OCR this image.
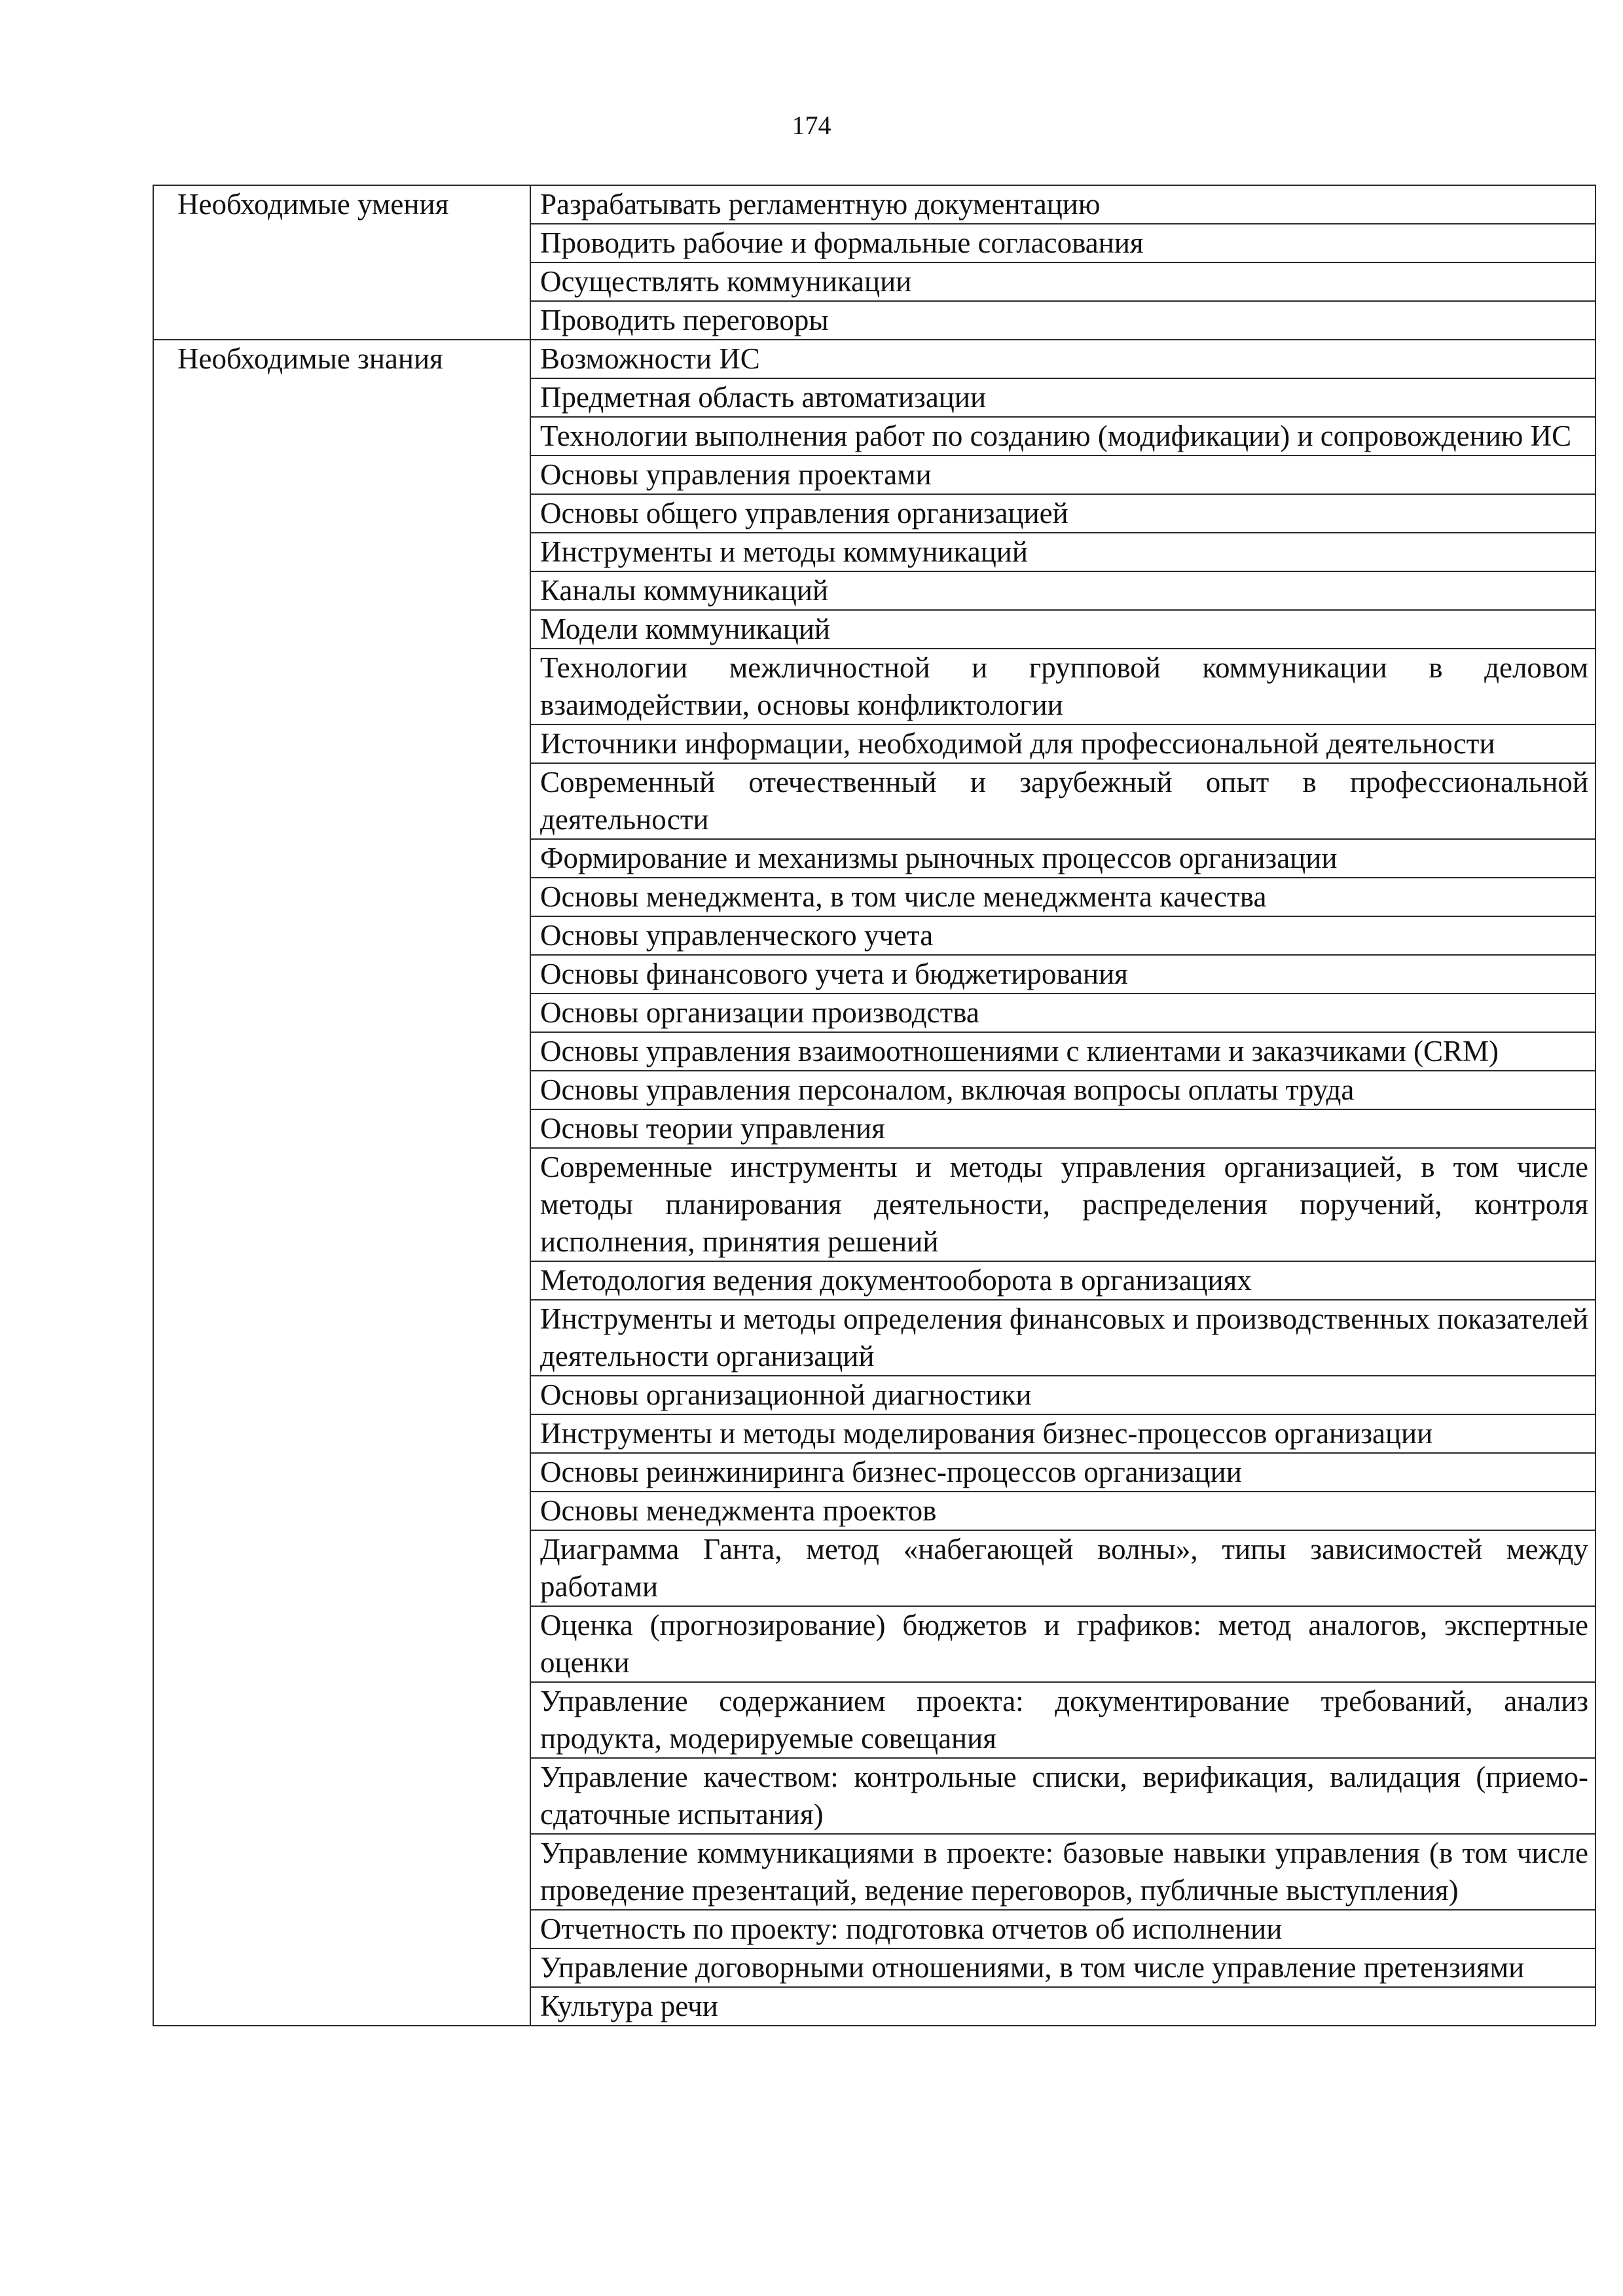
174
Необходимые умения	Разрабатывать регламентную документацию
	Проводить рабочие и формальные согласования
	Осуществлять коммуникации
	Проводить переговоры
Необходимые знания	Возможности ИС
	Предметная область автоматизации
	Технологии выполнения работ по созданию (модификации) и сопровождению ИС
	Основы управления проектами
	Основы общего управления организацией
	Инструменты и методы коммуникаций
	Каналы коммуникаций
	Модели коммуникаций
	Технологии межличностной и групповой коммуникации в деловом взаимодействии, основы конфликтологии
	Источники информации, необходимой для профессиональной деятельности
	Современный отечественный и зарубежный опыт в профессиональной деятельности
	Формирование и механизмы рыночных процессов организации
	Основы менеджмента, в том числе менеджмента качества
	Основы управленческого учета
	Основы финансового учета и бюджетирования
	Основы организации производства
	Основы управления взаимоотношениями с клиентами и заказчиками (CRM)
	Основы управления персоналом, включая вопросы оплаты труда
	Основы теории управления
	Современные инструменты и методы управления организацией, в том числе методы планирования деятельности, распределения поручений, контроля исполнения, принятия решений
	Методология ведения документооборота в организациях
	Инструменты и методы определения финансовых и производственных показателей деятельности организаций
	Основы организационной диагностики
	Инструменты и методы моделирования бизнес-процессов организации
	Основы реинжиниринга бизнес-процессов организации
	Основы менеджмента проектов
	Диаграмма Ганта, метод «набегающей волны», типы зависимостей между работами
	Оценка (прогнозирование) бюджетов и графиков: метод аналогов, экспертные оценки
	Управление содержанием проекта: документирование требований, анализ продукта, модерируемые совещания
	Управление качеством: контрольные списки, верификация, валидация (приемо-сдаточные испытания)
	Управление коммуникациями в проекте: базовые навыки управления (в том числе проведение презентаций, ведение переговоров, публичные выступления)
	Отчетность по проекту: подготовка отчетов об исполнении
	Управление договорными отношениями, в том числе управление претензиями
	Культура речи
